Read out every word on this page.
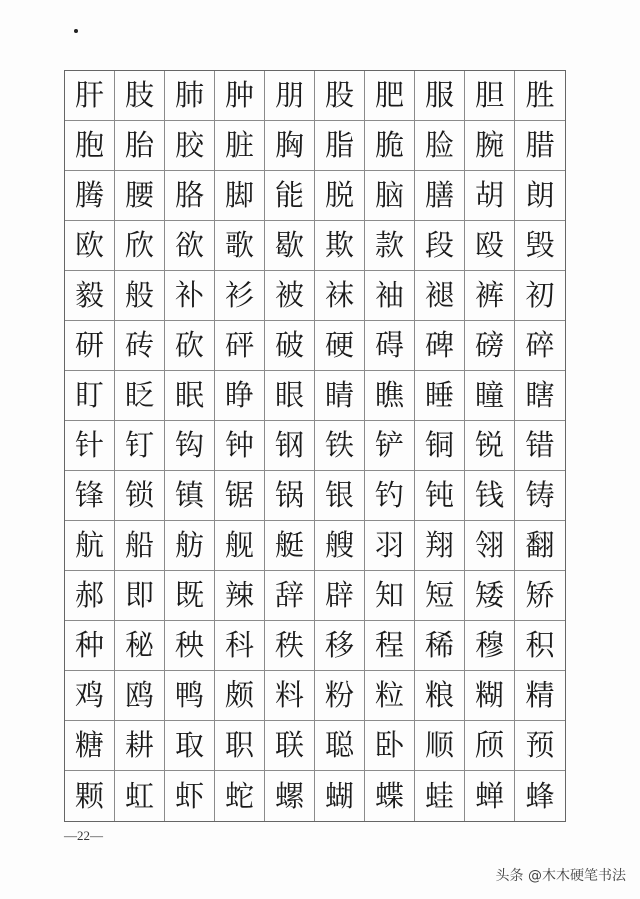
肝 肢 肺 肿 朋 股 肥 服 胆 胜
胞 胎 胶 脏 胸 脂 脆 脸 腕 腊
腾 腰 胳 脚 能 脱 脑 膳 胡 朗
欧 欣 欲 歌 歇 欺 款 段 殴 毁
毅 般 补 衫 被 袜 袖 褪 裤 初
研 砖 砍 砰 破 硬 碍 碑 磅 碎
盯 眨 眠 睁 眼 睛 瞧 睡 瞳 瞎
针 钉 钩 钟 钢 铁 铲 铜 锐 错
锋 锁 镇 锯 锅 银 钓 钝 钱 铸
航 船 舫 舰 艇 艘 羽 翔 翎 翻
郝 即 既 辣 辞 辟 知 短 矮 矫
种 秘 秧 科 秩 移 程 稀 穆 积
鸡 鸥 鸭 颇 料 粉 粒 粮 糊 精
糖 耕 取 职 联 聪 卧 顺 颀 预
颗 虹 虾 蛇 螺 蝴 蝶 蛙 蝉 蜂
—22—
头条 @木木硬笔书法
